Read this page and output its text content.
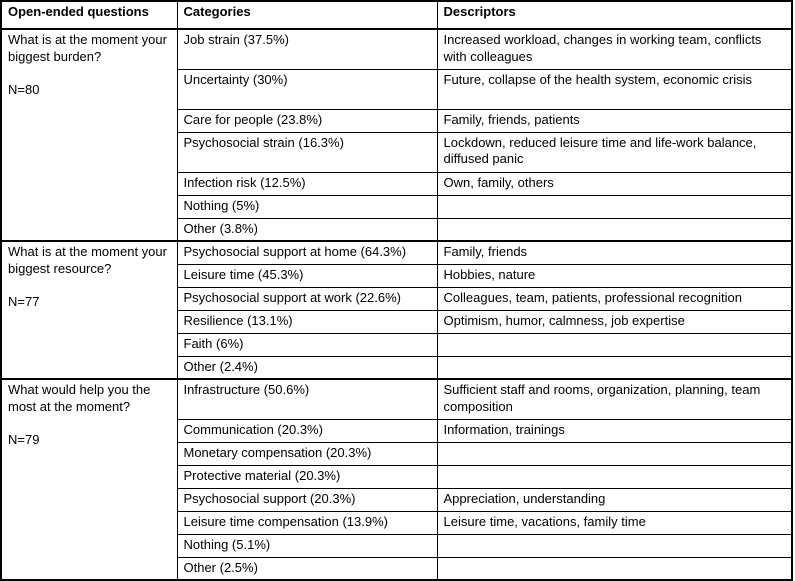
Open-ended questions	Categories	Descriptors

What is at the moment your biggest burden?
N=80	Job strain (37.5%)	Increased workload, changes in working team, conflicts with colleagues
	Uncertainty (30%)	Future, collapse of the health system, economic crisis
	Care for people (23.8%)	Family, friends, patients
	Psychosocial strain (16.3%)	Lockdown, reduced leisure time and life-work balance, diffused panic
	Infection risk (12.5%)	Own, family, others
	Nothing (5%)	
	Other (3.8%)	

What is at the moment your biggest resource?
N=77	Psychosocial support at home (64.3%)	Family, friends
	Leisure time (45.3%)	Hobbies, nature
	Psychosocial support at work (22.6%)	Colleagues, team, patients, professional recognition
	Resilience (13.1%)	Optimism, humor, calmness, job expertise
	Faith (6%)	
	Other (2.4%)	

What would help you the most at the moment?
N=79	Infrastructure (50.6%)	Sufficient staff and rooms, organization, planning, team composition
	Communication (20.3%)	Information, trainings
	Monetary compensation (20.3%)	
	Protective material (20.3%)	
	Psychosocial support (20.3%)	Appreciation, understanding
	Leisure time compensation (13.9%)	Leisure time, vacations, family time
	Nothing (5.1%)	
	Other (2.5%)	
